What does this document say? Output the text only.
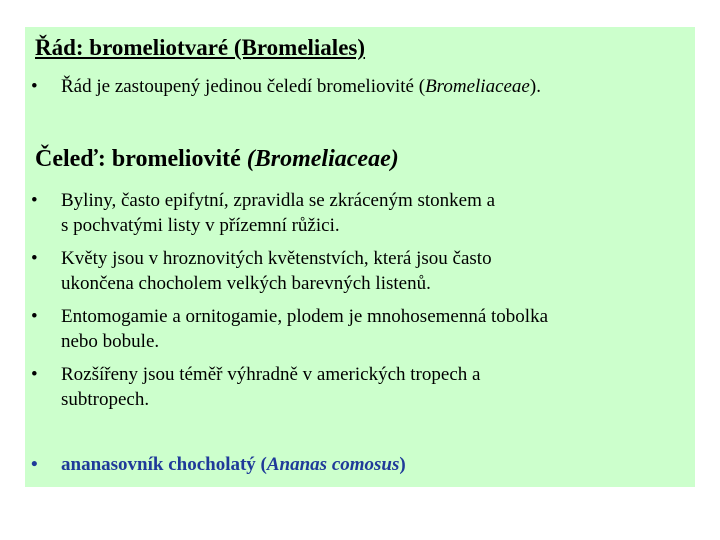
Řád: bromeliotvaré (Bromeliales)
• Řád je zastoupený jedinou čeledí bromeliovité (Bromeliaceae).
Čeleď: bromeliovité (Bromeliaceae)
• Byliny, často epifytní, zpravidla se zkráceným stonkem a
s pochvatými listy v přízemní růžici.
• Květy jsou v hroznovitých květenstvích, která jsou často
ukončena chocholem velkých barevných listenů.
• Entomogamie a ornitogamie, plodem je mnohosemenná tobolka
nebo bobule.
• Rozšířeny jsou téměř výhradně v amerických tropech a
subtropech.
• ananasovník chocholatý (Ananas comosus)
